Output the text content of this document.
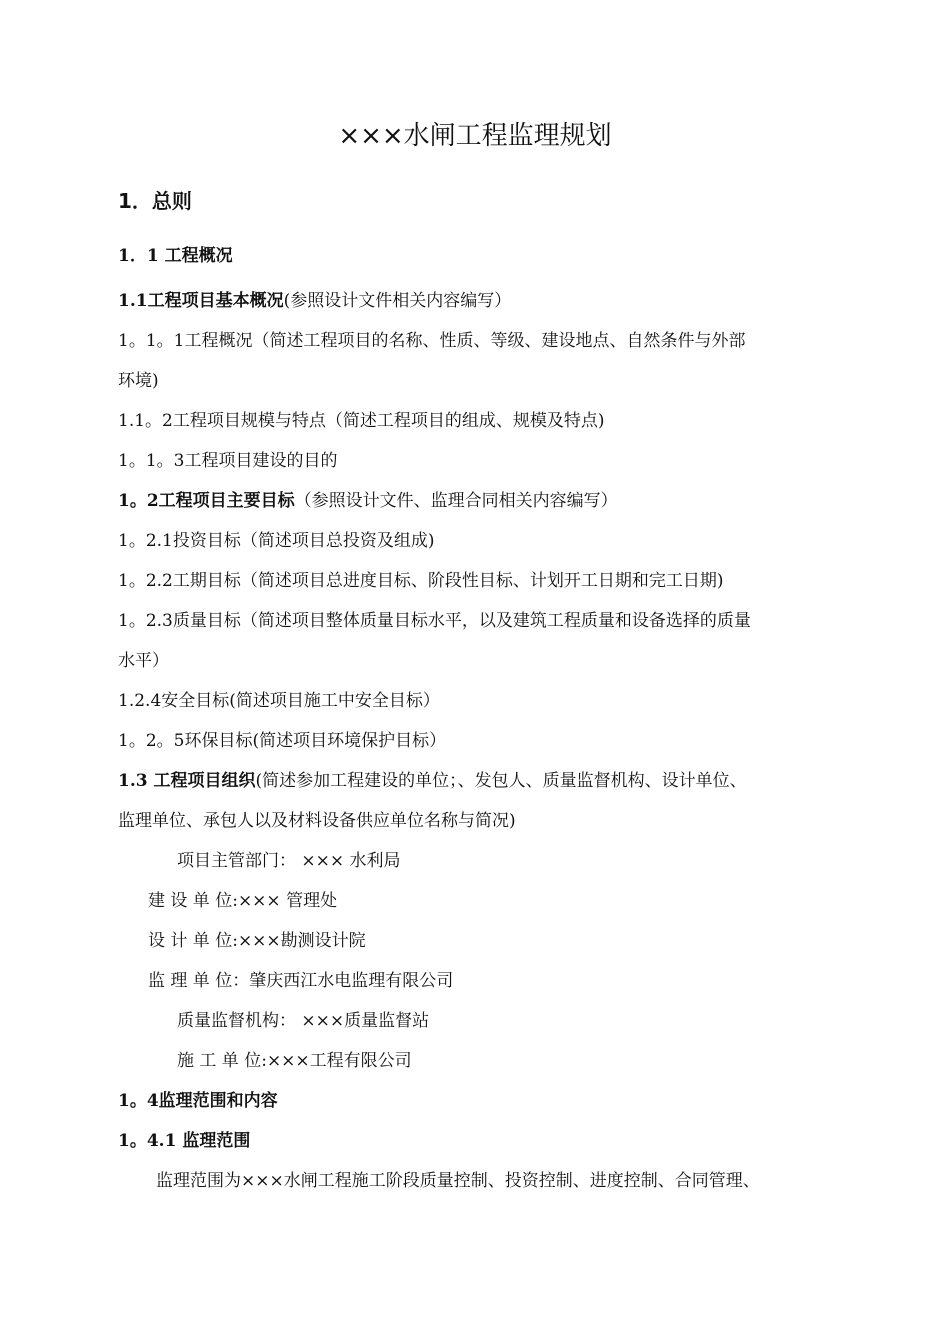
×××水闸工程监理规划
1．总则
1．1 工程概况
1.1工程项目基本概况(参照设计文件相关内容编写）
1。1。1工程概况（简述工程项目的名称、性质、等级、建设地点、自然条件与外部
环境)
1.1。2工程项目规模与特点（简述工程项目的组成、规模及特点)
1。1。3工程项目建设的目的
1。2工程项目主要目标（参照设计文件、监理合同相关内容编写）
1。2.1投资目标（简述项目总投资及组成)
1。2.2工期目标（简述项目总进度目标、阶段性目标、计划开工日期和完工日期)
1。2.3质量目标（简述项目整体质量目标水平，以及建筑工程质量和设备选择的质量
水平）
1.2.4安全目标(简述项目施工中安全目标）
1。2。5环保目标(简述项目环境保护目标）
1.3 工程项目组织(简述参加工程建设的单位；、发包人、质量监督机构、设计单位、
监理单位、承包人以及材料设备供应单位名称与简况)
项目主管部门： ××× 水利局
建 设 单 位:××× 管理处
设 计 单 位:×××勘测设计院
监 理 单 位：肇庆西江水电监理有限公司
质量监督机构： ×××质量监督站
施 工 单 位:×××工程有限公司
1。4监理范围和内容
1。4.1 监理范围
监理范围为×××水闸工程施工阶段质量控制、投资控制、进度控制、合同管理、
